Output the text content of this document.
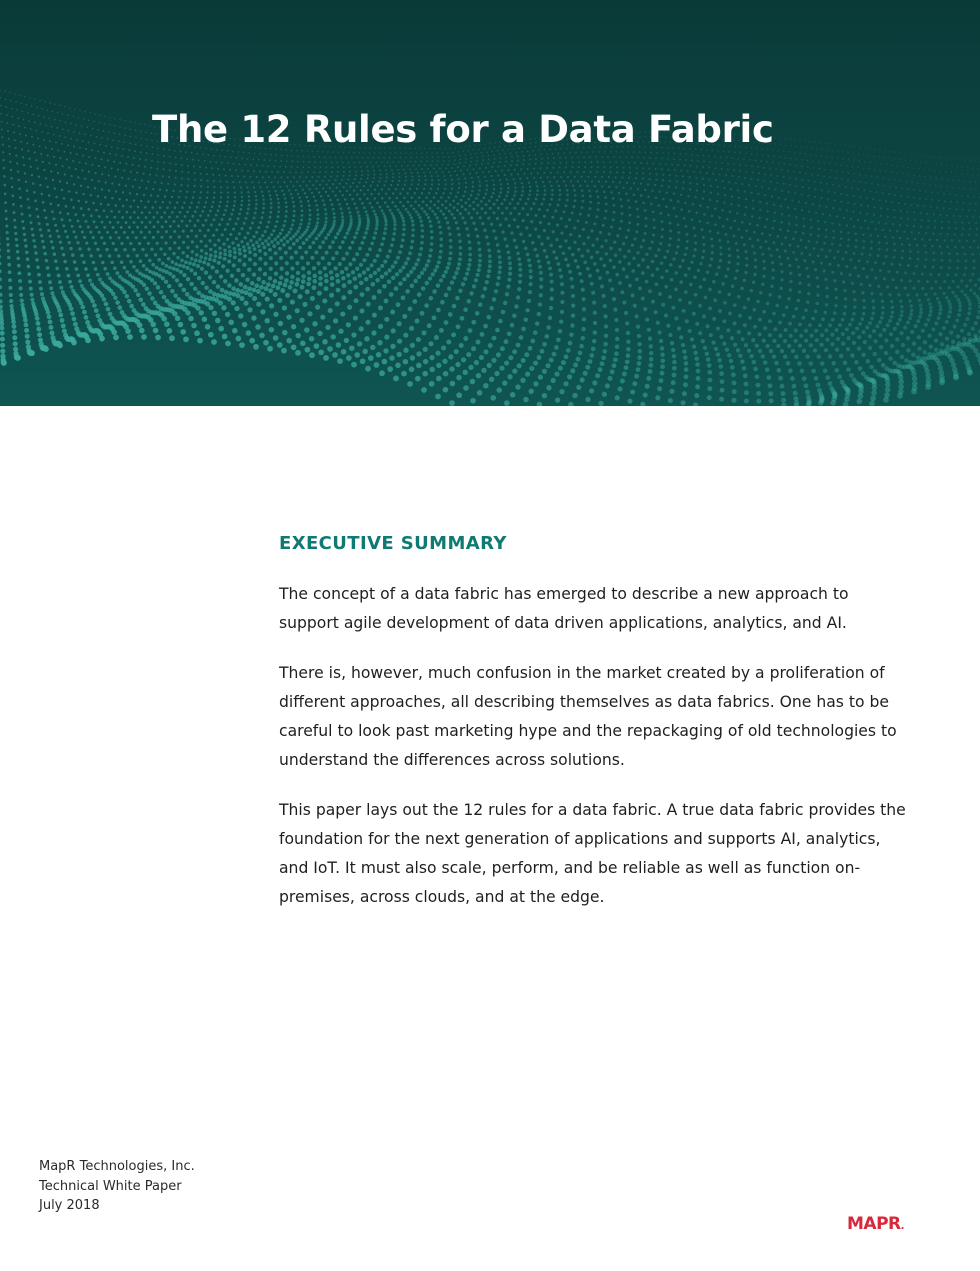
The 12 Rules for a Data Fabric
EXECUTIVE SUMMARY

The concept of a data fabric has emerged to describe a new approach to support agile development of data driven applications, analytics, and AI.

There is, however, much confusion in the market created by a proliferation of different approaches, all describing themselves as data fabrics. One has to be careful to look past marketing hype and the repackaging of old technologies to understand the differences across solutions.

This paper lays out the 12 rules for a data fabric. A true data fabric provides the foundation for the next generation of applications and supports AI, analytics, and IoT. It must also scale, perform, and be reliable as well as function on-premises, across clouds, and at the edge.

MapR Technologies, Inc.
Technical White Paper
July 2018
MAPR.
